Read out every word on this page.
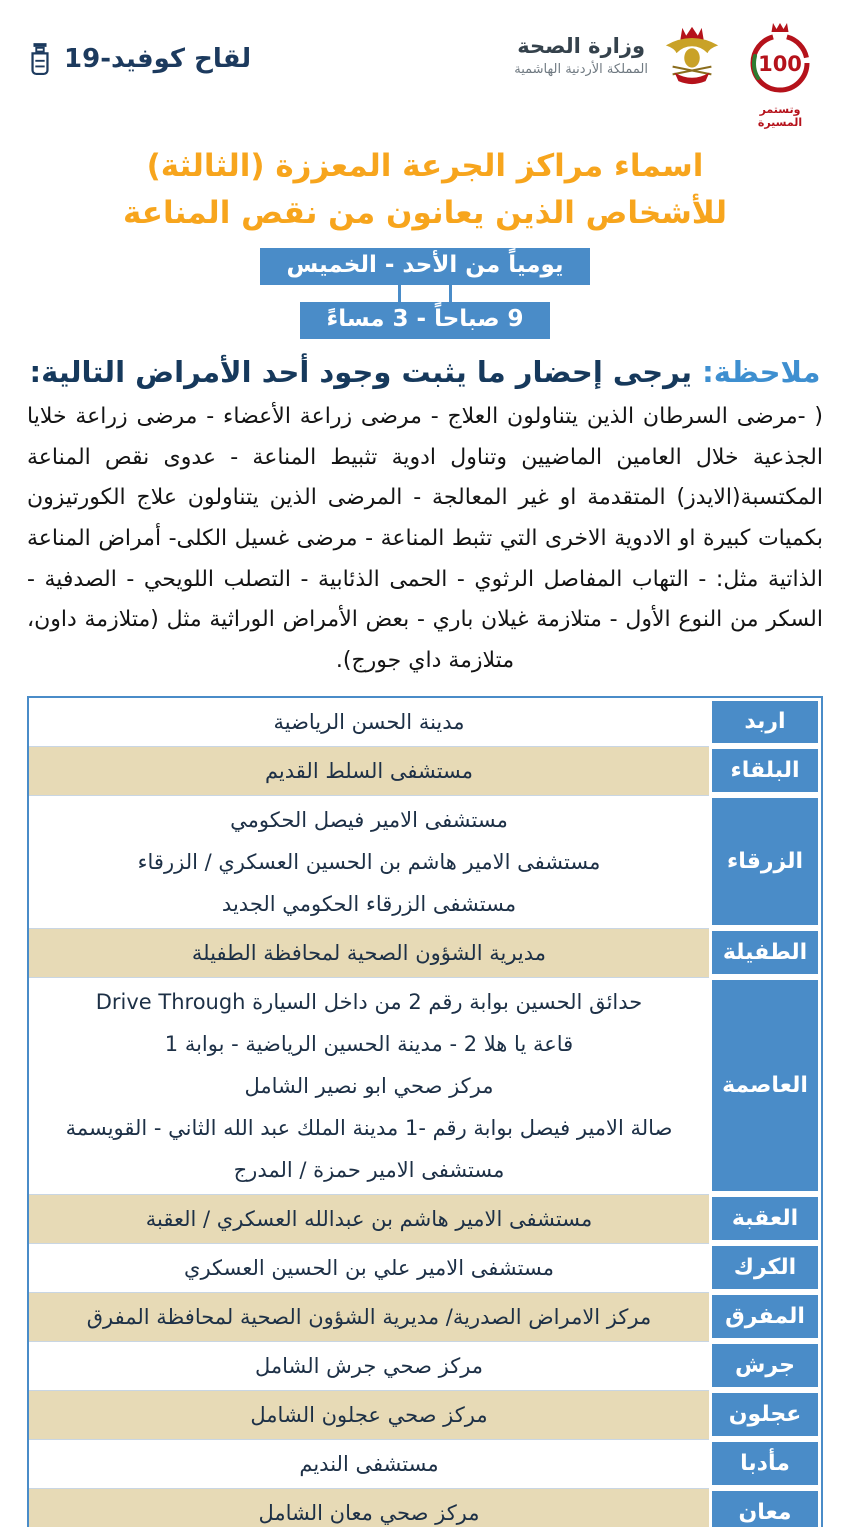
100
وتستمر المسيرة
وزارة الصحة
المملكة الأردنية الهاشمية
لقاح كوفيد-19
اسماء مراكز الجرعة المعززة (الثالثة)
للأشخاص الذين يعانون من نقص المناعة
يومياً من الأحد - الخميس
9 صباحاً - 3 مساءً
ملاحظة: يرجى إحضار ما يثبت وجود أحد الأمراض التالية:
( -مرضى السرطان الذين يتناولون العلاج - مرضى زراعة الأعضاء - مرضى زراعة خلايا الجذعية خلال العامين الماضيين وتناول ادوية تثبيط المناعة - عدوى نقص المناعة المكتسبة(الايدز) المتقدمة او غير المعالجة - المرضى الذين يتناولون علاج الكورتيزون بكميات كبيرة او الادوية الاخرى التي تثبط المناعة - مرضى غسيل الكلى- أمراض المناعة الذاتية مثل: - التهاب المفاصل الرثوي - الحمى الذئابية - التصلب اللويحي - الصدفية - السكر من النوع الأول - متلازمة غيلان باري - بعض الأمراض الوراثية مثل (متلازمة داون، متلازمة داي جورج).
اربد
مدينة الحسن الرياضية
البلقاء
مستشفى السلط القديم
الزرقاء
مستشفى الامير فيصل الحكومي
مستشفى الامير هاشم بن الحسين العسكري / الزرقاء
مستشفى الزرقاء الحكومي الجديد
الطفيلة
مديرية الشؤون الصحية لمحافظة الطفيلة
العاصمة
حدائق الحسين بوابة رقم 2 من داخل السيارة Drive Through
قاعة يا هلا 2 - مدينة الحسين الرياضية - بوابة 1
مركز صحي ابو نصير الشامل
صالة الامير فيصل بوابة رقم -1 مدينة الملك عبد الله الثاني - القويسمة
مستشفى الامير حمزة / المدرج
العقبة
مستشفى الامير هاشم بن عبدالله العسكري / العقبة
الكرك
مستشفى الامير علي بن الحسين العسكري
المفرق
مركز الامراض الصدرية/ مديرية الشؤون الصحية لمحافظة المفرق
جرش
مركز صحي جرش الشامل
عجلون
مركز صحي عجلون الشامل
مأدبا
مستشفى النديم
معان
مركز صحي معان الشامل
